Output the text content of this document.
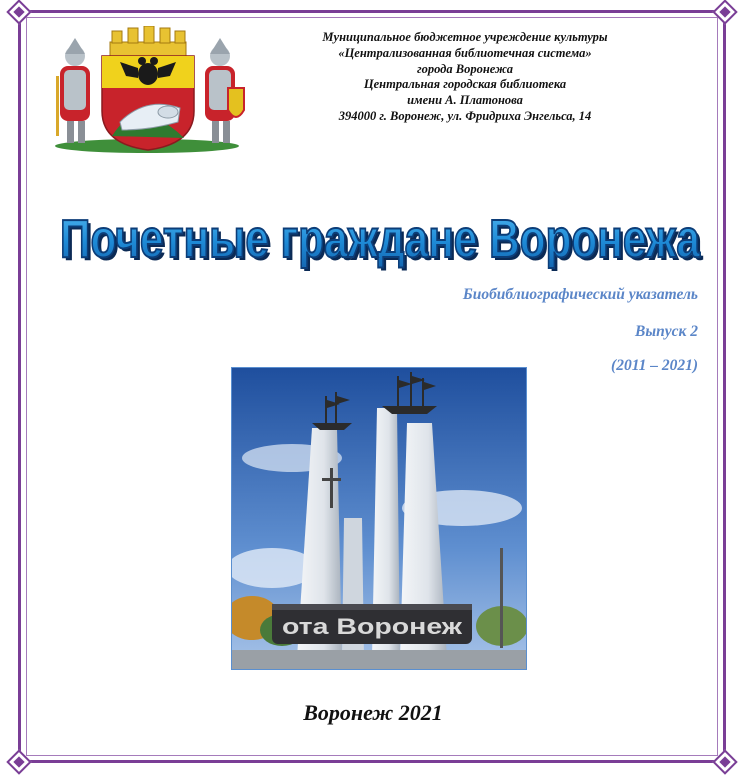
Муниципальное бюджетное учреждение культуры
«Централизованная библиотечная система»
города Воронежа
Центральная городская библиотека
имени А. Платонова
394000 г. Воронеж, ул. Фридриха Энгельса, 14
Почетные граждане Воронежа
Почетные граждане Воронежа
Биобиблиографический указатель
Выпуск 2
(2011 – 2021)
ота Воронеж
Воронеж 2021
